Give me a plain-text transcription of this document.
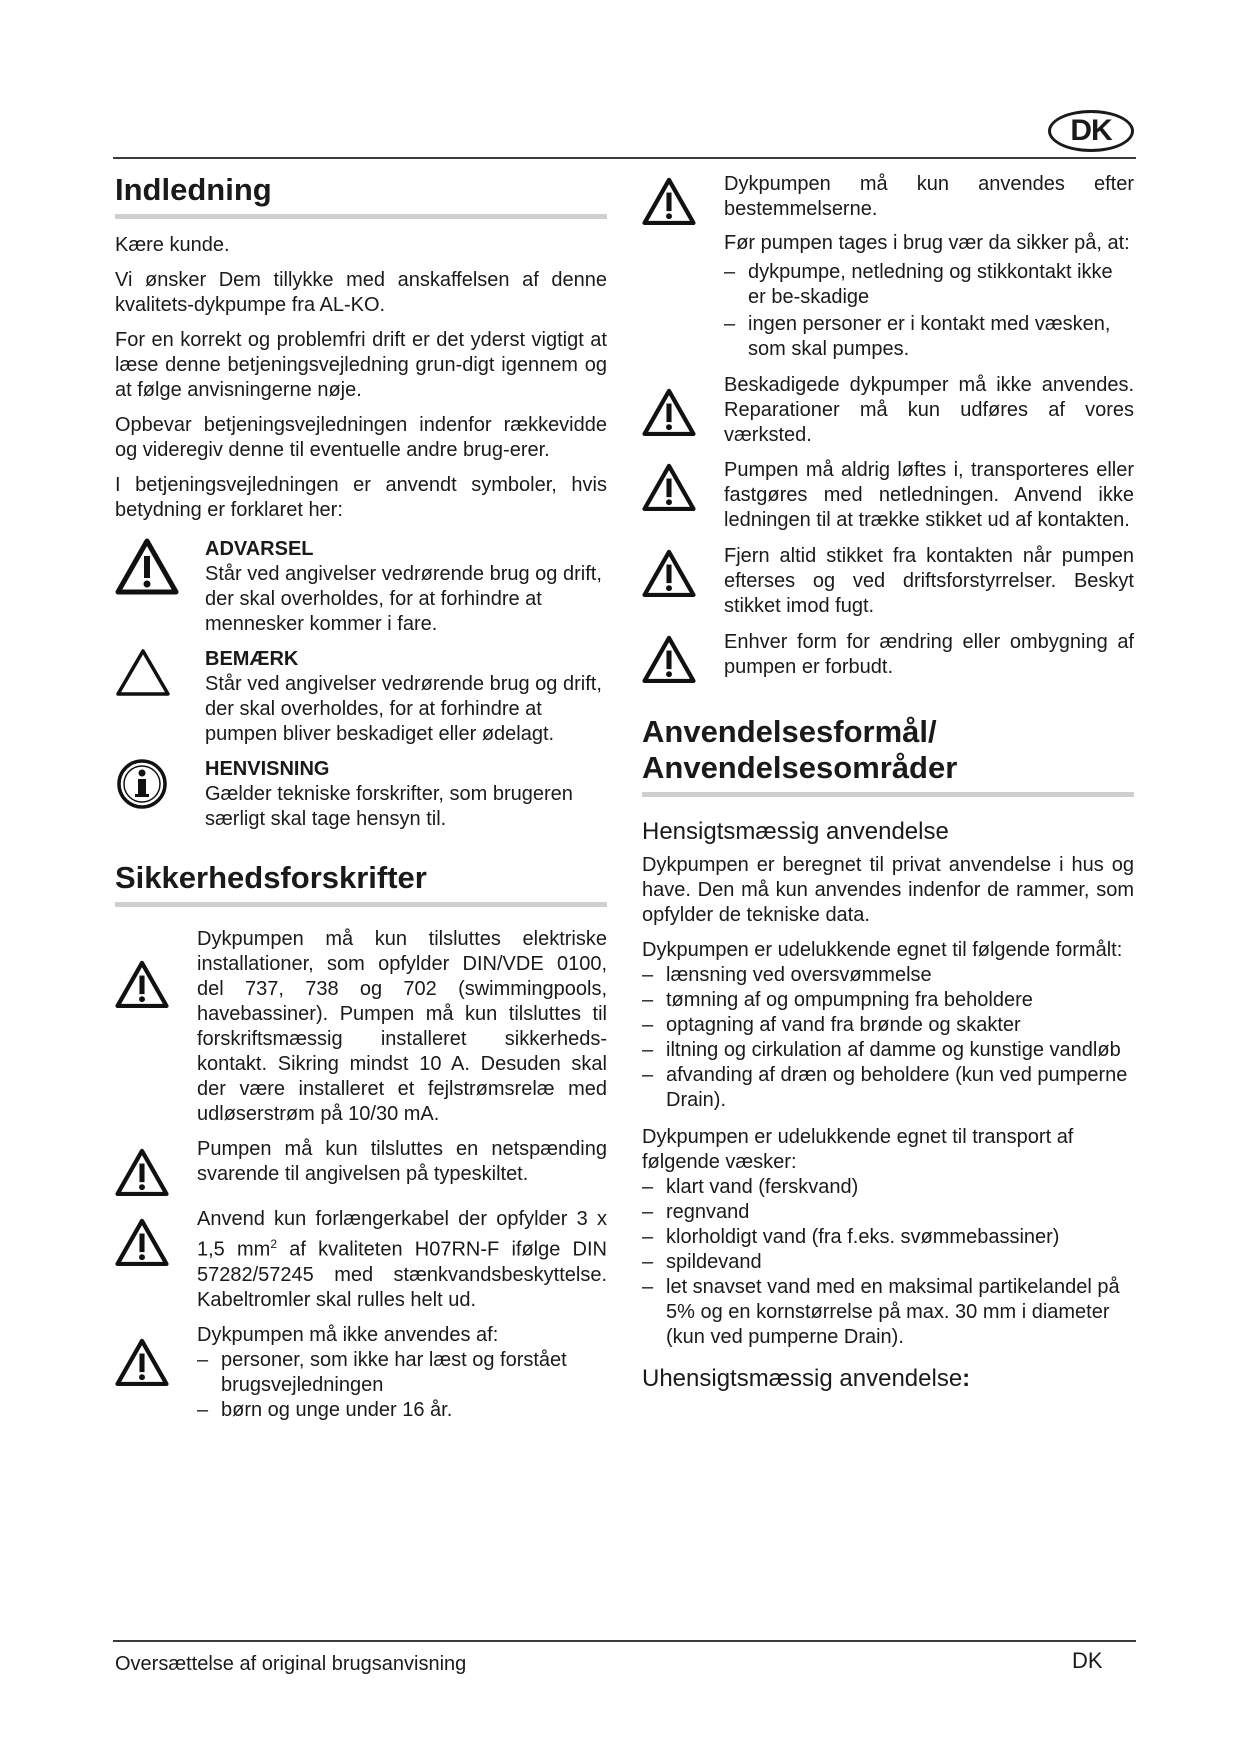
DK
Indledning

Kære kunde.

Vi ønsker Dem tillykke med anskaffelsen af denne kvalitets-dykpumpe fra AL-KO.

For en korrekt og problemfri drift er det yderst vigtigt at læse denne betjeningsvejledning grun-digt igennem og at følge anvisningerne nøje.

Opbevar betjeningsvejledningen indenfor rækkevidde og videregiv denne til eventuelle andre brug-erer.

I betjeningsvejledningen er anvendt symboler, hvis betydning er forklaret her:

ADVARSEL
Står ved angivelser vedrørende brug og drift, der skal overholdes, for at forhindre at mennesker kommer i fare.
BEMÆRK
Står ved angivelser vedrørende brug og drift, der skal overholdes, for at forhindre at pumpen bliver beskadiget eller ødelagt.
HENVISNING
Gælder tekniske forskrifter, som brugeren særligt skal tage hensyn til.
Sikkerhedsforskrifter

Dykpumpen må kun tilsluttes elektriske installationer, som opfylder DIN/VDE 0100, del 737, 738 og 702 (swimmingpools, havebassiner). Pumpen må kun tilsluttes til forskriftsmæssig installeret sikkerheds-kontakt. Sikring mindst 10 A. Desuden skal der være installeret et fejlstrømsrelæ med udløserstrøm på 10/30 mA.

Pumpen må kun tilsluttes en netspænding svarende til angivelsen på typeskiltet.

Anvend kun forlængerkabel der opfylder 3 x 1,5 $mm^2$ af kvaliteten H07RN-F ifølge DIN 57282/57245 med stænkvandsbeskyttelse. Kabeltromler skal rulles helt ud.

Dykpumpen må ikke anvendes af:

– personer, som ikke har læst og forstået brugsvejledningen
– børn og unge under 16 år.

Dykpumpen må kun anvendes efter bestemmelserne.

Før pumpen tages i brug vær da sikker på, at:

– dykpumpe, netledning og stikkontakt ikke er be-skadige
– ingen personer er i kontakt med væsken, som skal pumpes.

Beskadigede dykpumper må ikke anvendes. Reparationer må kun udføres af vores værksted.

Pumpen må aldrig løftes i, transporteres eller fastgøres med netledningen. Anvend ikke ledningen til at trække stikket ud af kontakten.

Fjern altid stikket fra kontakten når pumpen efterses og ved driftsforstyrrelser. Beskyt stikket imod fugt.

Enhver form for ændring eller ombygning af pumpen er forbudt.

Anvendelsesformål/
Anvendelsesområder
Hensigtsmæssig anvendelse

Dykpumpen er beregnet til privat anvendelse i hus og have. Den må kun anvendes indenfor de rammer, som opfylder de tekniske data.

Dykpumpen er udelukkende egnet til følgende formålt:

– lænsning ved oversvømmelse
– tømning af og ompumpning fra beholdere
– optagning af vand fra brønde og skakter
– iltning og cirkulation af damme og kunstige vandløb
– afvanding af dræn og beholdere (kun ved pumperne Drain).

Dykpumpen er udelukkende egnet til transport af følgende væsker:

– klart vand (ferskvand)
– regnvand
– klorholdigt vand (fra f.eks. svømmebassiner)
– spildevand
– let snavset vand med en maksimal partikelandel på 5% og en kornstørrelse på max. 30 mm i diameter (kun ved pumperne Drain).
Uhensigtsmæssig anvendelse:
Oversættelse af original brugsanvisning	DK
